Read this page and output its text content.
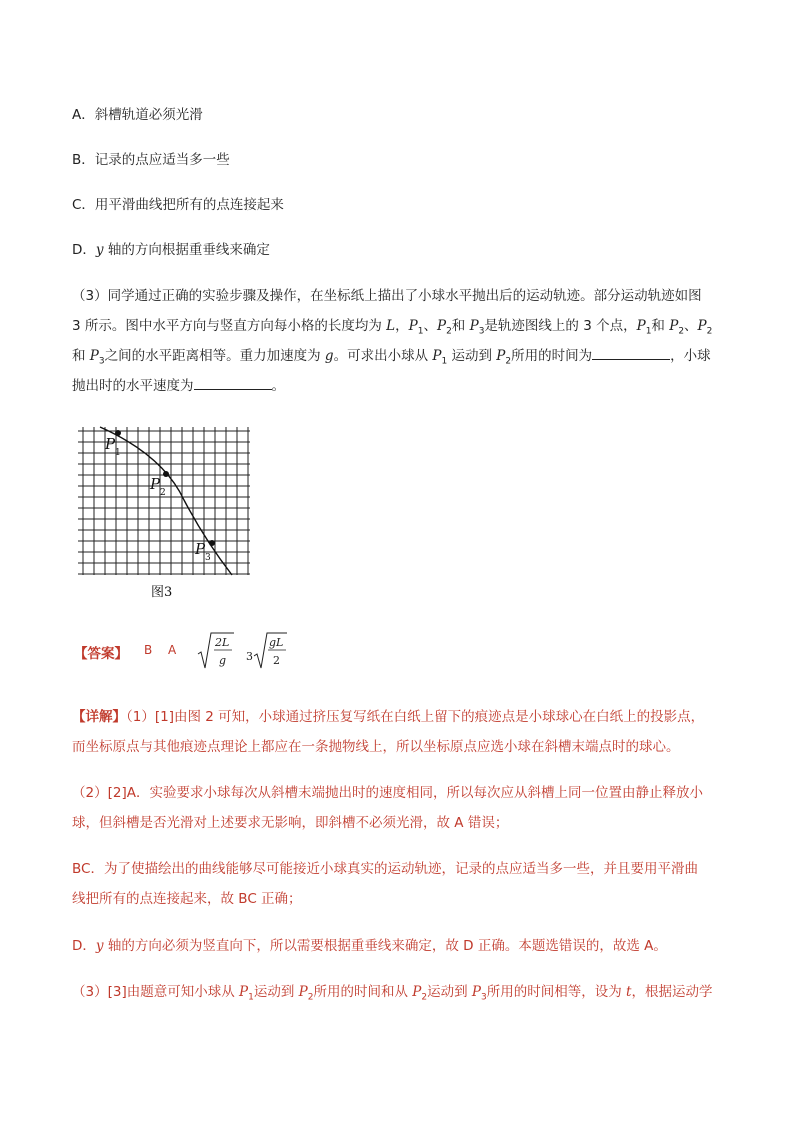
A．斜槽轨道必须光滑
B．记录的点应适当多一些
C．用平滑曲线把所有的点连接起来
D．y 轴的方向根据重垂线来确定
（3）同学通过正确的实验步骤及操作，在坐标纸上描出了小球水平抛出后的运动轨迹。部分运动轨迹如图
3 所示。图中水平方向与竖直方向每小格的长度均为 L，$P_1$、$P_2$和 $P_3$是轨迹图线上的 3 个点，$P_1$和 $P_2$、$P_2$
和 $P_3$之间的水平距离相等。重力加速度为 g。可求出小球从 $P_1$ 运动到 $P_2$所用的时间为	，小球
抛出时的水平速度为	。
P 1
P 2
P 3
图3
【答案】 B A
2L
g 3
gL
2
【详解】（1）[1]由图 2 可知，小球通过挤压复写纸在白纸上留下的痕迹点是小球球心在白纸上的投影点，
而坐标原点与其他痕迹点理论上都应在一条抛物线上，所以坐标原点应选小球在斜槽末端点时的球心。
（2）[2]A．实验要求小球每次从斜槽末端抛出时的速度相同，所以每次应从斜槽上同一位置由静止释放小
球，但斜槽是否光滑对上述要求无影响，即斜槽不必须光滑，故 A 错误；
BC．为了使描绘出的曲线能够尽可能接近小球真实的运动轨迹，记录的点应适当多一些，并且要用平滑曲
线把所有的点连接起来，故 BC 正确；
D．y 轴的方向必须为竖直向下，所以需要根据重垂线来确定，故 D 正确。本题选错误的，故选 A。
（3）[3]由题意可知小球从 $P_1$运动到 $P_2$所用的时间和从 $P_2$运动到 $P_3$所用的时间相等，设为 t，根据运动学
